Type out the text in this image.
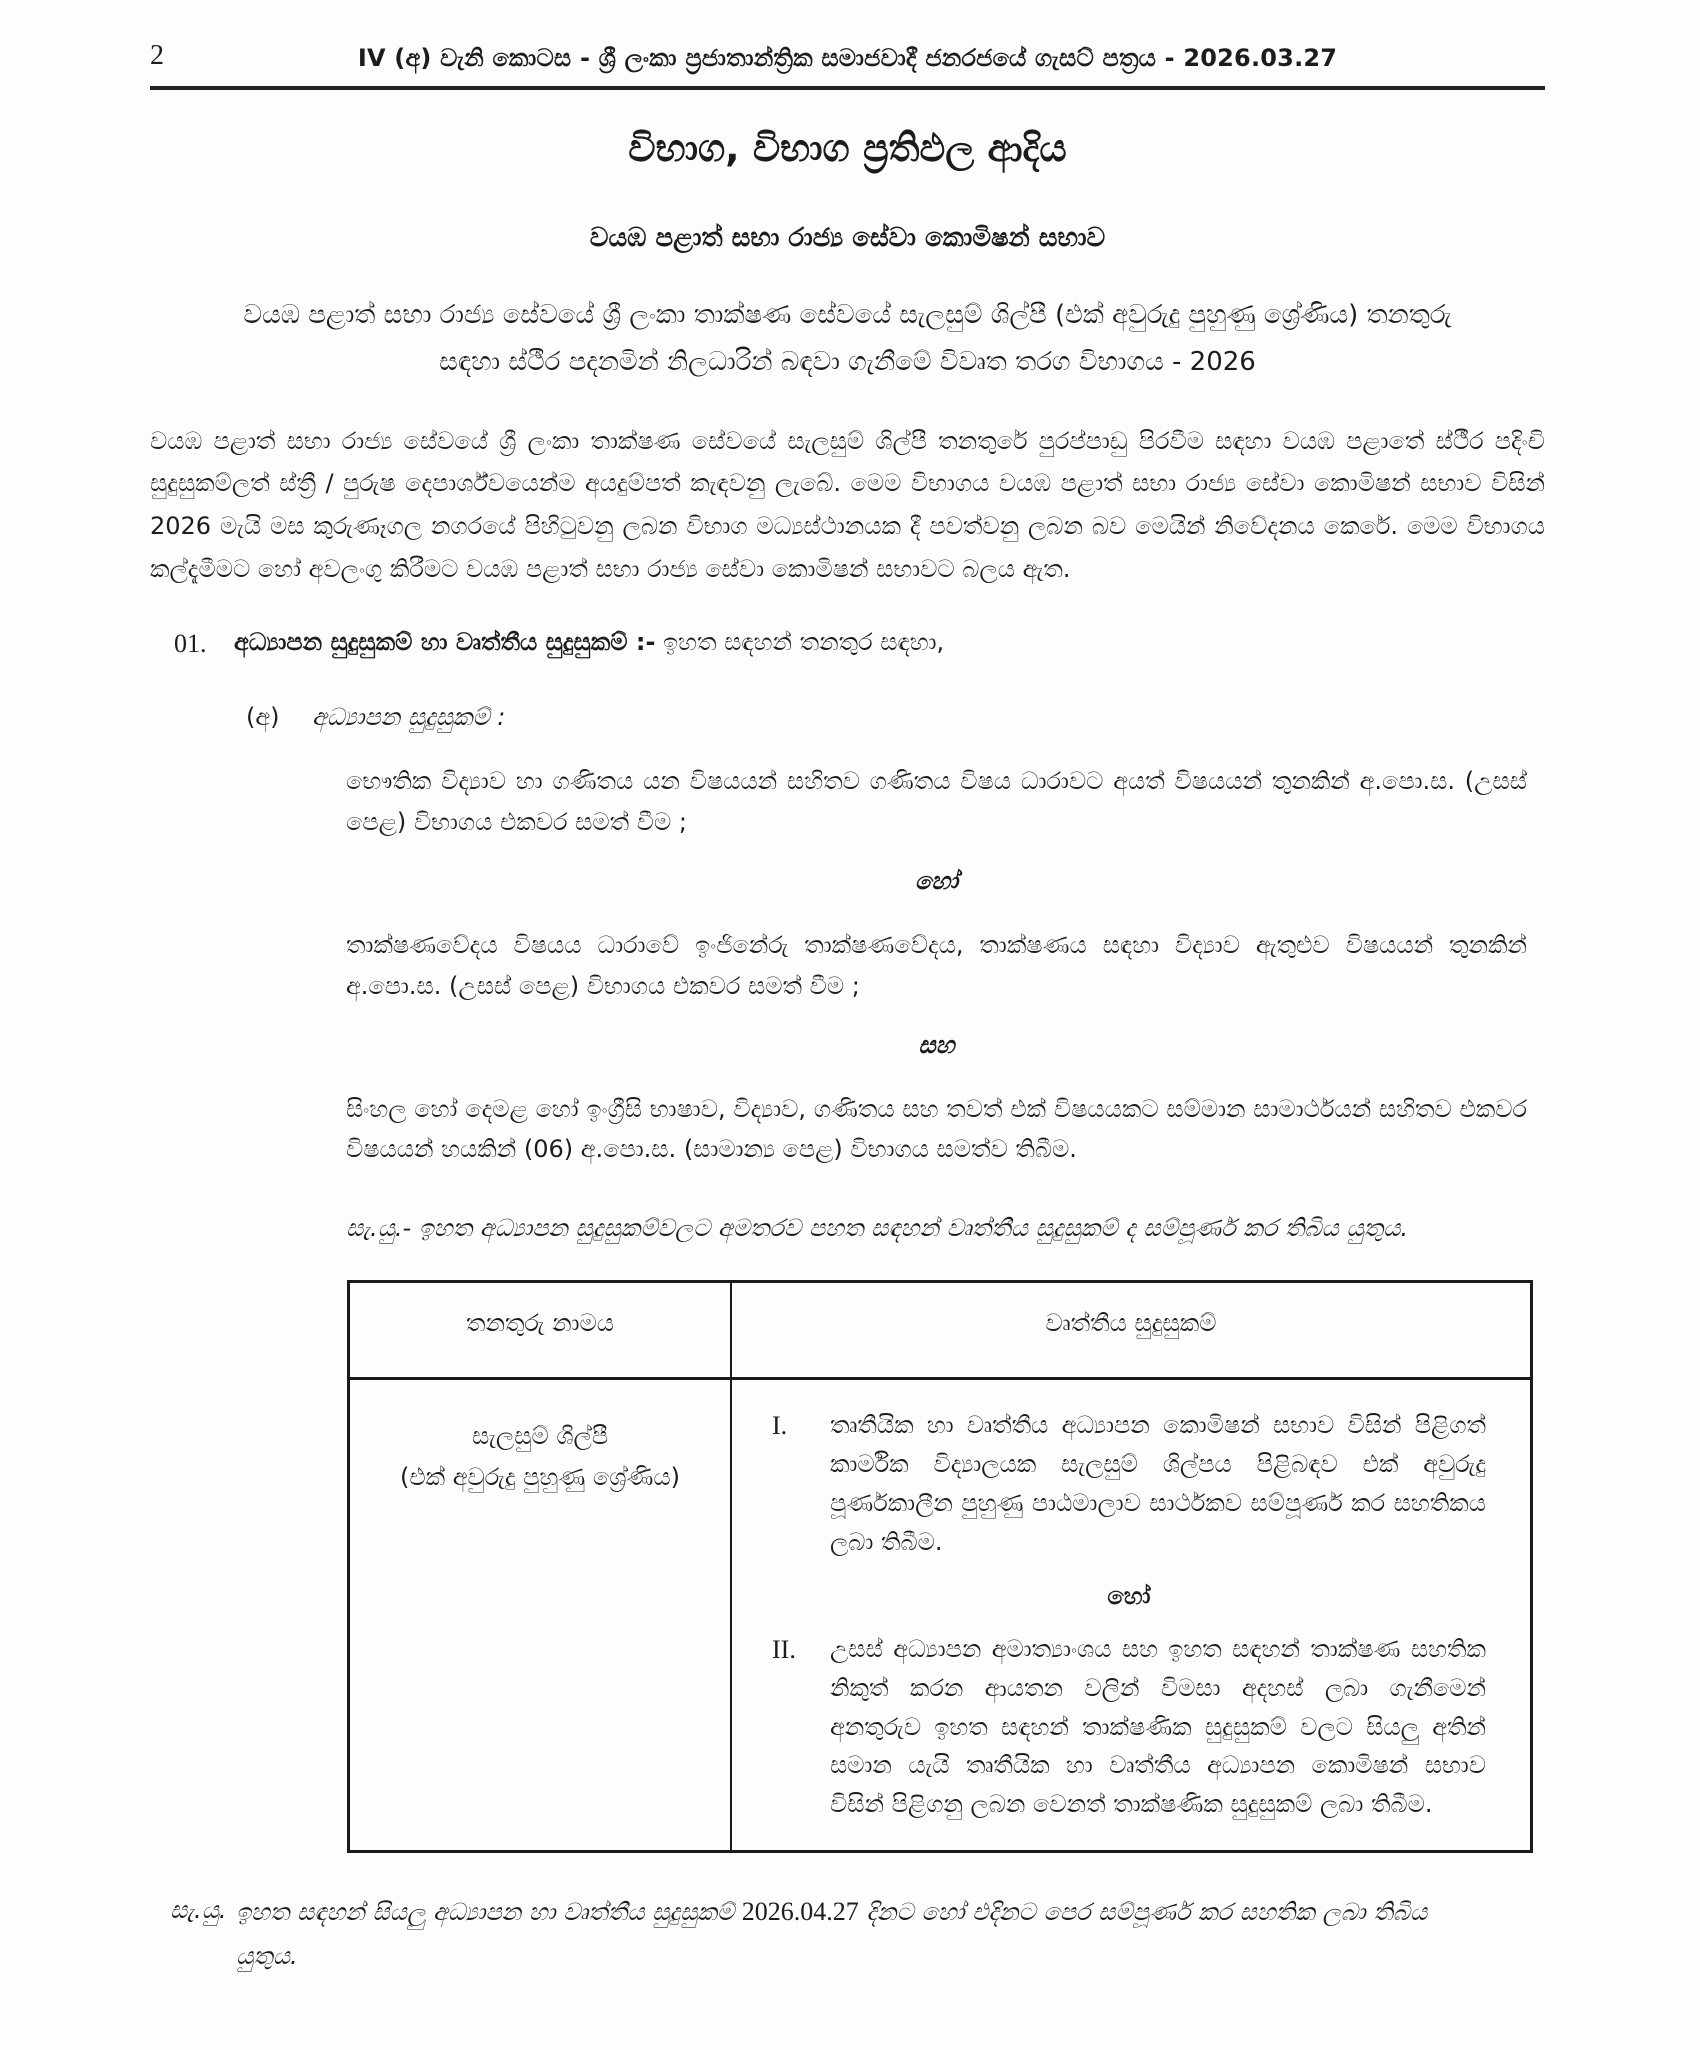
2	IV (අ) වැනි කොටස - ශ්‍රී ලංකා ප්‍රජාතාන්ත්‍රික සමාජවාදී ජනරජයේ ගැසට් පත්‍රය - 2026.03.27
විභාග, විභාග ප්‍රතිඵල ආදිය
වයඹ පළාත් සභා රාජ්‍ය සේවා කොමිෂන් සභාව
වයඹ පළාත් සභා රාජ්‍ය සේවයේ ශ්‍රී ලංකා තාක්ෂණ සේවයේ සැලසුම් ශිල්පී (එක් අවුරුදු පුහුණු ශ්‍රේණිය) තනතුරු
සඳහා ස්ථීර පදනමින් නිලධාරින් බඳවා ගැනීමේ විවෘත තරග විභාගය - 2026

වයඹ පළාත් සභා රාජ්‍ය සේවයේ ශ්‍රී ලංකා තාක්ෂණ සේවයේ සැලසුම් ශිල්පී තනතුරේ පුරප්පාඩු පිරවීම සඳහා වයඹ පළාතේ ස්ථීර පදිංචි සුදුසුකම්ලත් ස්ත්‍රී / පුරුෂ දෙපාර්ශ්වයෙන්ම අයදුම්පත් කැඳවනු ලැබේ. මෙම විභාගය වයඹ පළාත් සභා රාජ්‍ය සේවා කොමිෂන් සභාව විසින් 2026 මැයි මස කුරුණෑගල නගරයේ පිහිටුවනු ලබන විභාග මධ්‍යස්ථානයක දී පවත්වනු ලබන බව මෙයින් නිවේදනය කෙරේ. මෙම විභාගය කල්දැමීමට හෝ අවලංගු කිරීමට වයඹ පළාත් සභා රාජ්‍ය සේවා කොමිෂන් සභාවට බලය ඇත.

01.	අධ්‍යාපන සුදුසුකම් හා වෘත්තීය සුදුසුකම් :- ඉහත සඳහන් තනතුර සඳහා,
(අ)	අධ්‍යාපන සුදුසුකම් :

භෞතික විද්‍යාව හා ගණිතය යන විෂයයන් සහිතව ගණිතය විෂය ධාරාවට අයත් විෂයයන් තුනකින් අ.පො.ස. (උසස් පෙළ) විභාගය එකවර සමත් වීම ;

හෝ

තාක්ෂණවේදය විෂයය ධාරාවේ ඉංජිනේරු තාක්ෂණවේදය, තාක්ෂණය සඳහා විද්‍යාව ඇතුළුව විෂයයන් තුනකින් අ.පො.ස. (උසස් පෙළ) විභාගය එකවර සමත් වීම ;

සහ

සිංහල හෝ දෙමළ හෝ ඉංග්‍රීසි භාෂාව, විද්‍යාව, ගණිතය සහ තවත් එක් විෂයයකට සම්මාන සාමාර්ථයන් සහිතව එකවර විෂයයන් හයකින් (06) අ.පො.ස. (සාමාන්‍ය පෙළ) විභාගය සමත්ව තිබීම.

සැ.යු.- ඉහත අධ්‍යාපන සුදුසුකම්වලට අමතරව පහත සඳහන් වෘත්තීය සුදුසුකම් ද සම්පූර්ණ කර තිබිය යුතුය.
තනතුරු නාමය	වෘත්තීය සුදුසුකම්
සැලසුම් ශිල්පී
(එක් අවුරුදු පුහුණු ශ්‍රේණිය)
I.	තෘතීයික හා වෘත්තීය අධ්‍යාපන කොමිෂන් සභාව විසින් පිළිගත් කාර්මික විද්‍යාලයක සැලසුම් ශිල්පය පිළිබඳව එක් අවුරුදු පූර්ණකාලීන පුහුණු පාඨමාලාව සාර්ථකව සම්පූර්ණ කර සහතිකය ලබා තිබීම.
හෝ
II.	උසස් අධ්‍යාපන අමාත්‍යාංශය සහ ඉහත සඳහන් තාක්ෂණ සහතික නිකුත් කරන ආයතන වලින් විමසා අදහස් ලබා ගැනීමෙන් අනතුරුව ඉහත සඳහන් තාක්ෂණික සුදුසුකම් වලට සියලු අතින් සමාන යැයි තෘතීයික හා වෘත්තීය අධ්‍යාපන කොමිෂන් සභාව විසින් පිළිගනු ලබන වෙනත් තාක්ෂණික සුදුසුකම් ලබා තිබීම.
සැ.යු. ඉහත සඳහන් සියලු අධ්‍යාපන හා වෘත්තීය සුදුසුකම් 2026.04.27 දිනට හෝ එදිනට පෙර සම්පූර්ණ කර සහතික ලබා තිබිය යුතුය.
